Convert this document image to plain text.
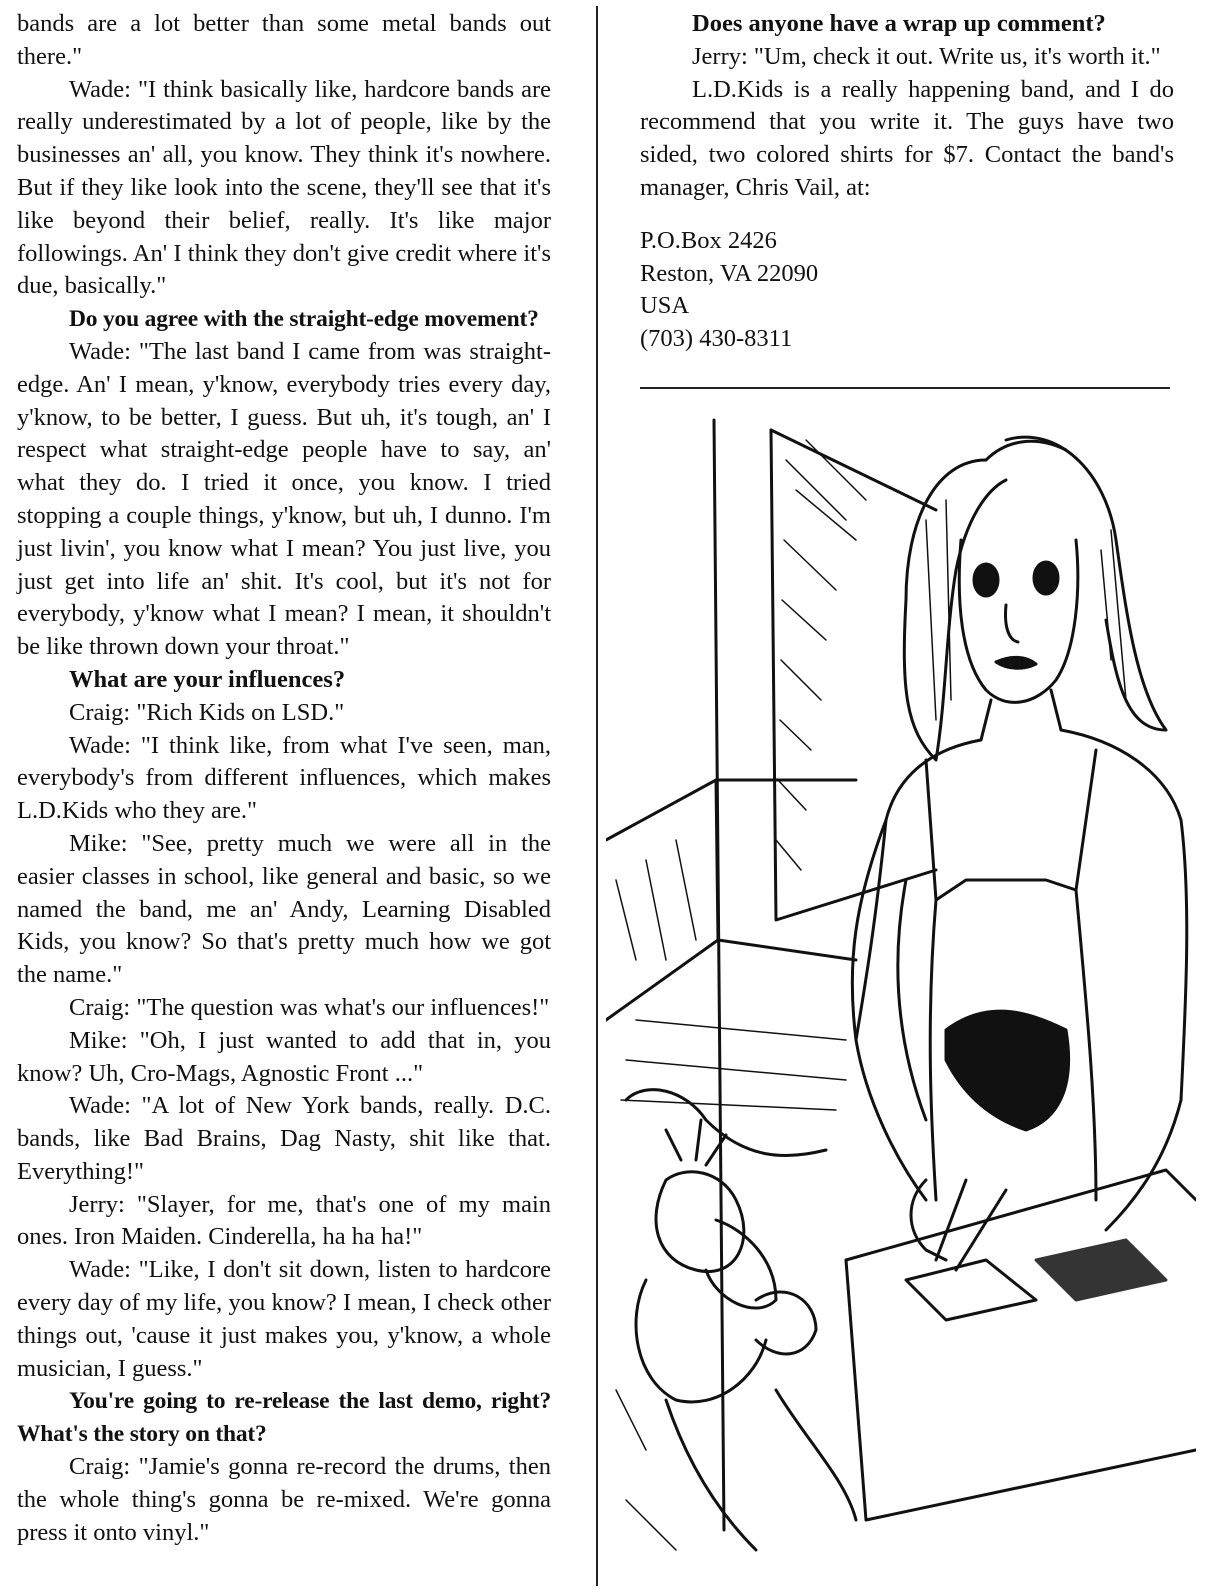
bands are a lot better than some metal bands out there."

Wade: "I think basically like, hardcore bands are really underestimated by a lot of people, like by the businesses an' all, you know. They think it's nowhere. But if they like look into the scene, they'll see that it's like beyond their belief, really. It's like major followings. An' I think they don't give credit where it's due, basically."

Do you agree with the straight-edge movement?

Wade: "The last band I came from was straight-edge. An' I mean, y'know, everybody tries every day, y'know, to be better, I guess. But uh, it's tough, an' I respect what straight-edge people have to say, an' what they do. I tried it once, you know. I tried stopping a couple things, y'know, but uh, I dunno. I'm just livin', you know what I mean? You just live, you just get into life an' shit. It's cool, but it's not for everybody, y'know what I mean? I mean, it shouldn't be like thrown down your throat."

What are your influences?

Craig: "Rich Kids on LSD."

Wade: "I think like, from what I've seen, man, everybody's from different influences, which makes L.D.Kids who they are."

Mike: "See, pretty much we were all in the easier classes in school, like general and basic, so we named the band, me an' Andy, Learning Disabled Kids, you know? So that's pretty much how we got the name."

Craig: "The question was what's our influences!"

Mike: "Oh, I just wanted to add that in, you know? Uh, Cro-Mags, Agnostic Front ..."

Wade: "A lot of New York bands, really. D.C. bands, like Bad Brains, Dag Nasty, shit like that. Everything!"

Jerry: "Slayer, for me, that's one of my main ones. Iron Maiden. Cinderella, ha ha ha!"

Wade: "Like, I don't sit down, listen to hardcore every day of my life, you know? I mean, I check other things out, 'cause it just makes you, y'know, a whole musician, I guess."

You're going to re-release the last demo, right? What's the story on that?

Craig: "Jamie's gonna re-record the drums, then the whole thing's gonna be re-mixed. We're gonna press it onto vinyl."

Does anyone have a wrap up comment?

Jerry: "Um, check it out. Write us, it's worth it."

L.D.Kids is a really happening band, and I do recommend that you write it. The guys have two sided, two colored shirts for $7. Contact the band's manager, Chris Vail, at:

P.O.Box 2426
Reston, VA 22090
USA
(703) 430-8311
